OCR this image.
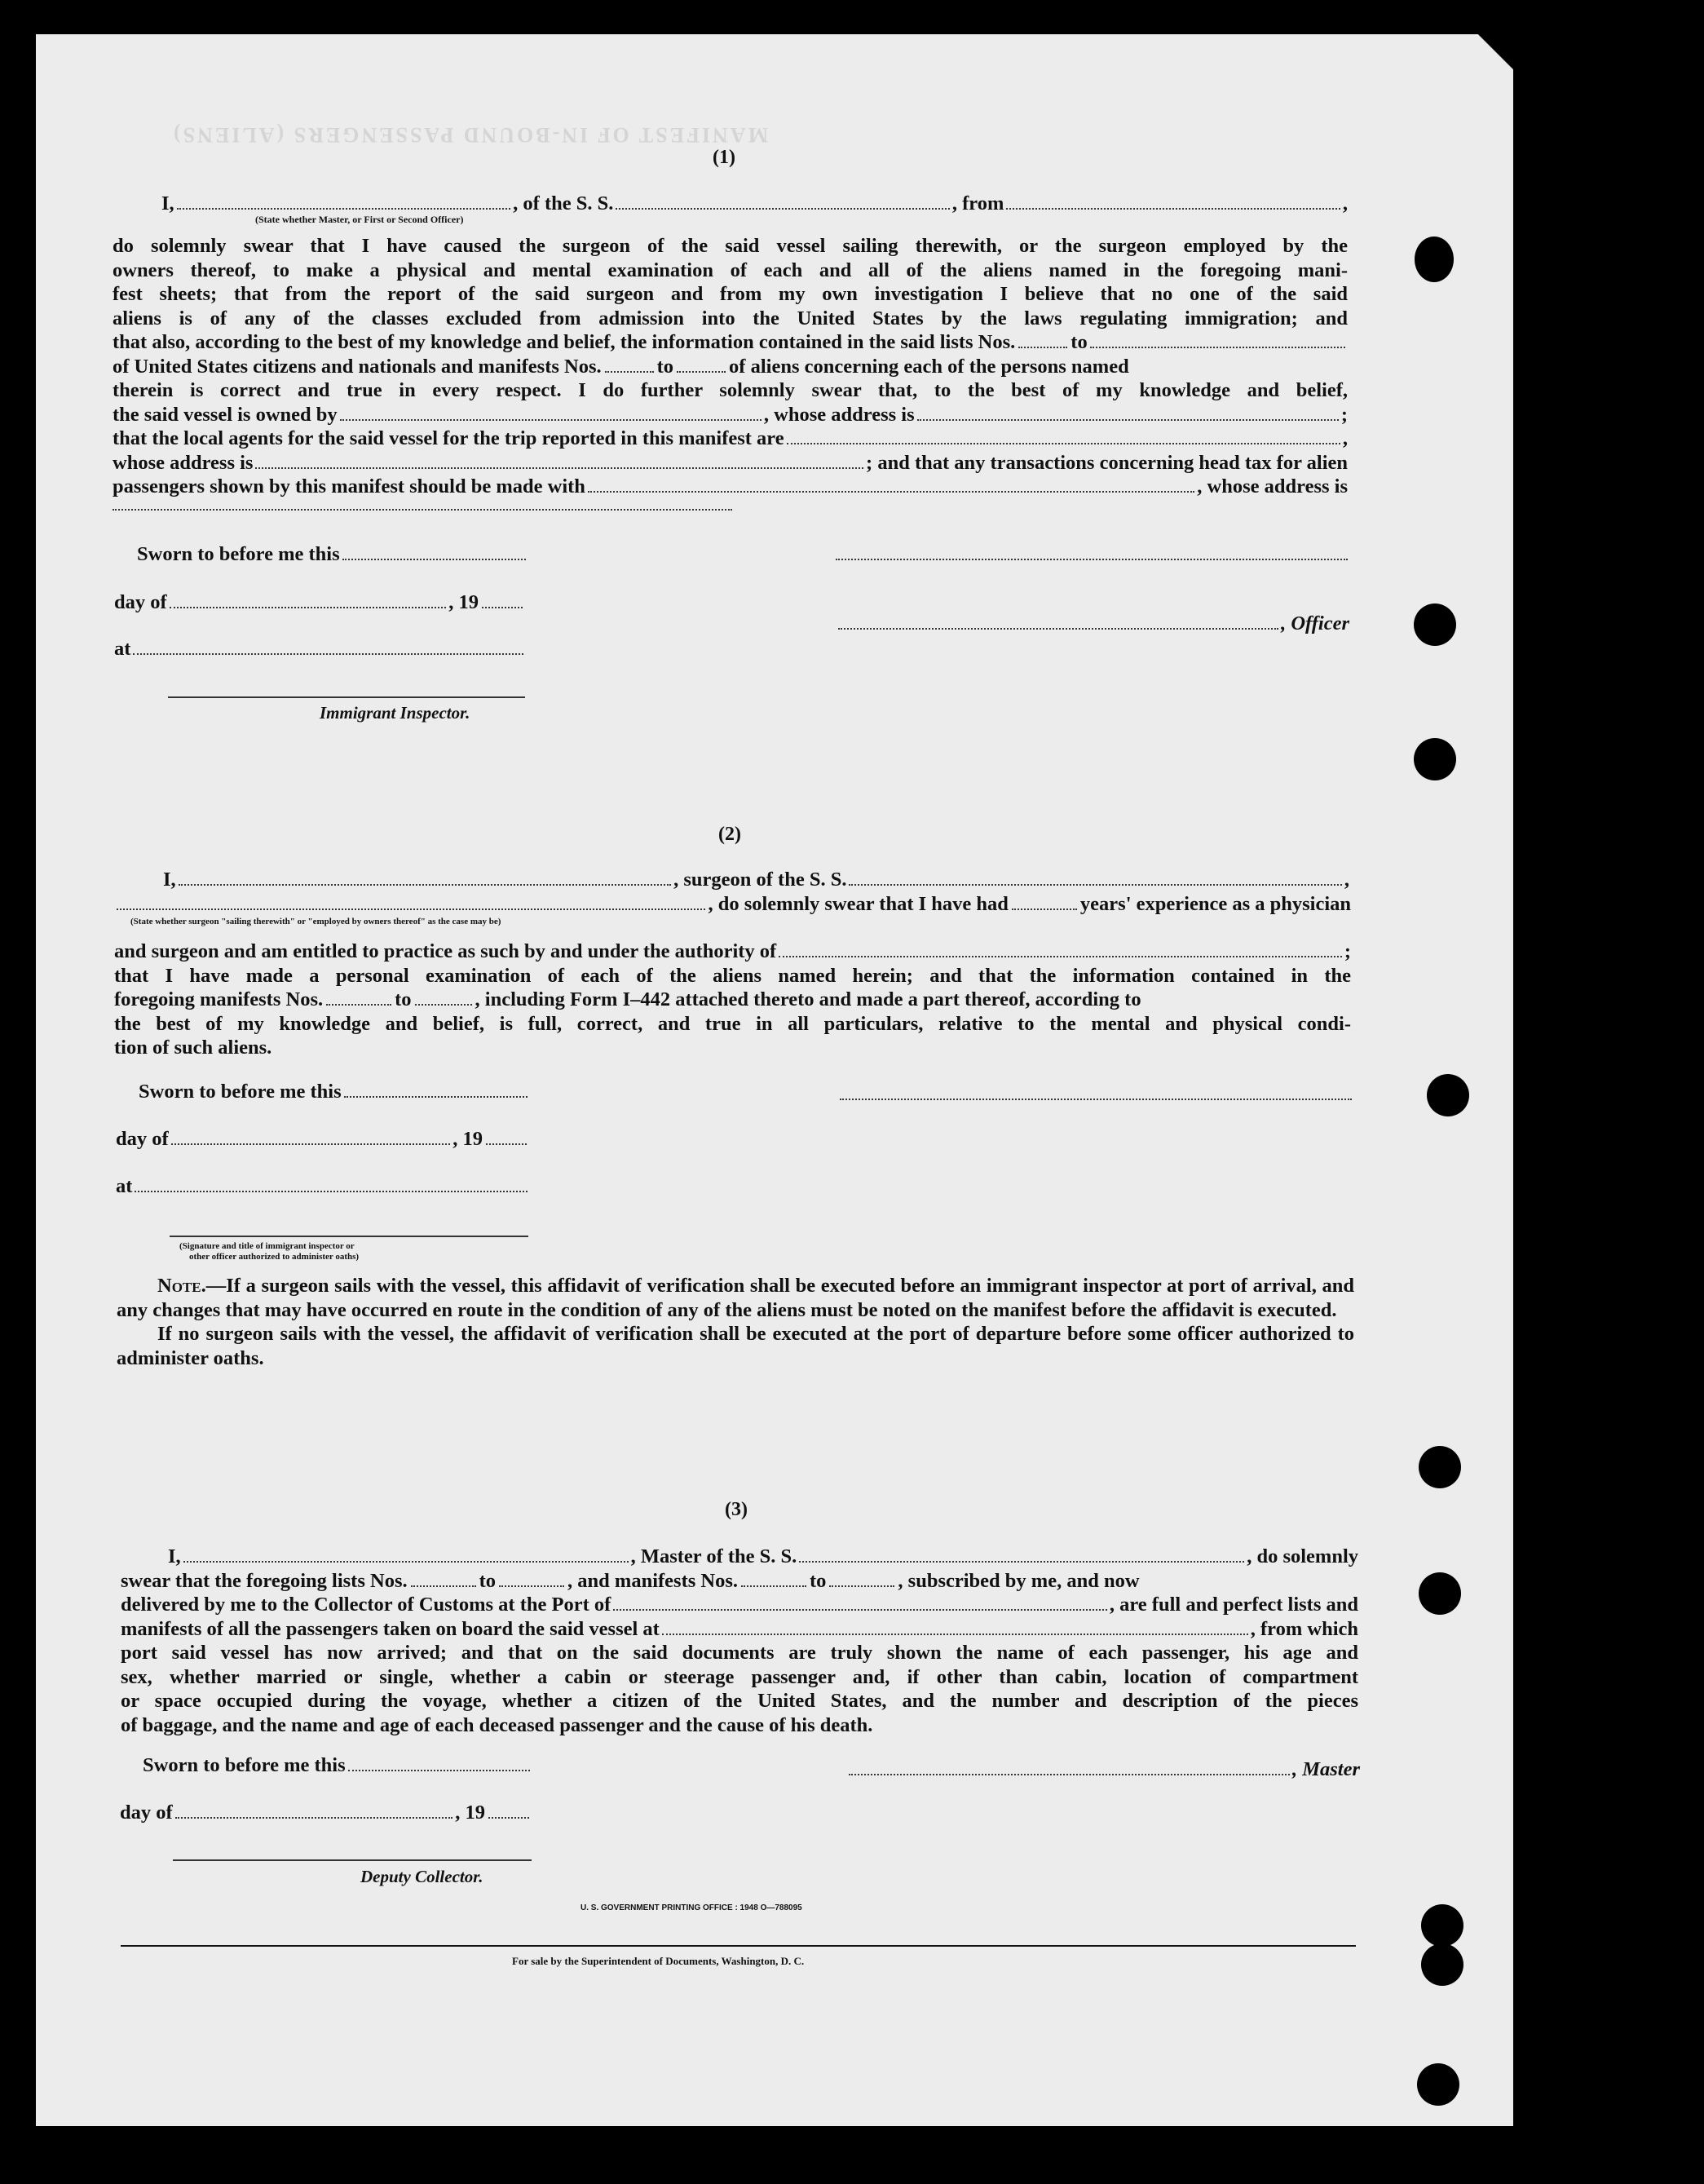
MANIFEST OF IN-BOUND PASSENGERS (ALIENS)
(1)
I,	, of the S. S.	, from	,
(State whether Master, or First or Second Officer)
do solemnly swear that I have caused the surgeon of the said vessel sailing therewith, or the surgeon employed by the
owners thereof, to make a physical and mental examination of each and all of the aliens named in the foregoing mani-
fest sheets; that from the report of the said surgeon and from my own investigation I believe that no one of the said
aliens is of any of the classes excluded from admission into the United States by the laws regulating immigration; and
that also, according to the best of my knowledge and belief, the information contained in the said lists Nos.	to
of United States citizens and nationals and manifests Nos.	to	of aliens concerning each of the persons named
therein is correct and true in every respect. I do further solemnly swear that, to the best of my knowledge and belief,
the said vessel is owned by	, whose address is	;
that the local agents for the said vessel for the trip reported in this manifest are	,
whose address is	; and that any transactions concerning head tax for alien
passengers shown by this manifest should be made with	, whose address is
Sworn to before me this
day of	, 19
at
Immigrant Inspector.
, Officer
(2)
I,	, surgeon of the S. S.	,
, do solemnly swear that I have had	years' experience as a physician
(State whether surgeon "sailing therewith" or "employed by owners thereof" as the case may be)
and surgeon and am entitled to practice as such by and under the authority of	;
that I have made a personal examination of each of the aliens named herein; and that the information contained in the
foregoing manifests Nos.	to	, including Form I–442 attached thereto and made a part thereof, according to
the best of my knowledge and belief, is full, correct, and true in all particulars, relative to the mental and physical condi-
tion of such aliens.
Sworn to before me this
day of	, 19
at
(Signature and title of immigrant inspector or
other officer authorized to administer oaths)
Note.—If a surgeon sails with the vessel, this affidavit of verification shall be executed before an immigrant inspector at port of arrival, and any changes that may have occurred en route in the condition of any of the aliens must be noted on the manifest before the affidavit is executed.
If no surgeon sails with the vessel, the affidavit of verification shall be executed at the port of departure before some officer authorized to administer oaths.
(3)
I,	, Master of the S. S.	, do solemnly
swear that the foregoing lists Nos.	to	, and manifests Nos.	to	, subscribed by me, and now
delivered by me to the Collector of Customs at the Port of	, are full and perfect lists and
manifests of all the passengers taken on board the said vessel at	, from which
port said vessel has now arrived; and that on the said documents are truly shown the name of each passenger, his age and
sex, whether married or single, whether a cabin or steerage passenger and, if other than cabin, location of compartment
or space occupied during the voyage, whether a citizen of the United States, and the number and description of the pieces
of baggage, and the name and age of each deceased passenger and the cause of his death.
Sworn to before me this	, Master
day of	, 19
Deputy Collector.
U. S. GOVERNMENT PRINTING OFFICE : 1948 O—788095
For sale by the Superintendent of Documents, Washington, D. C.
